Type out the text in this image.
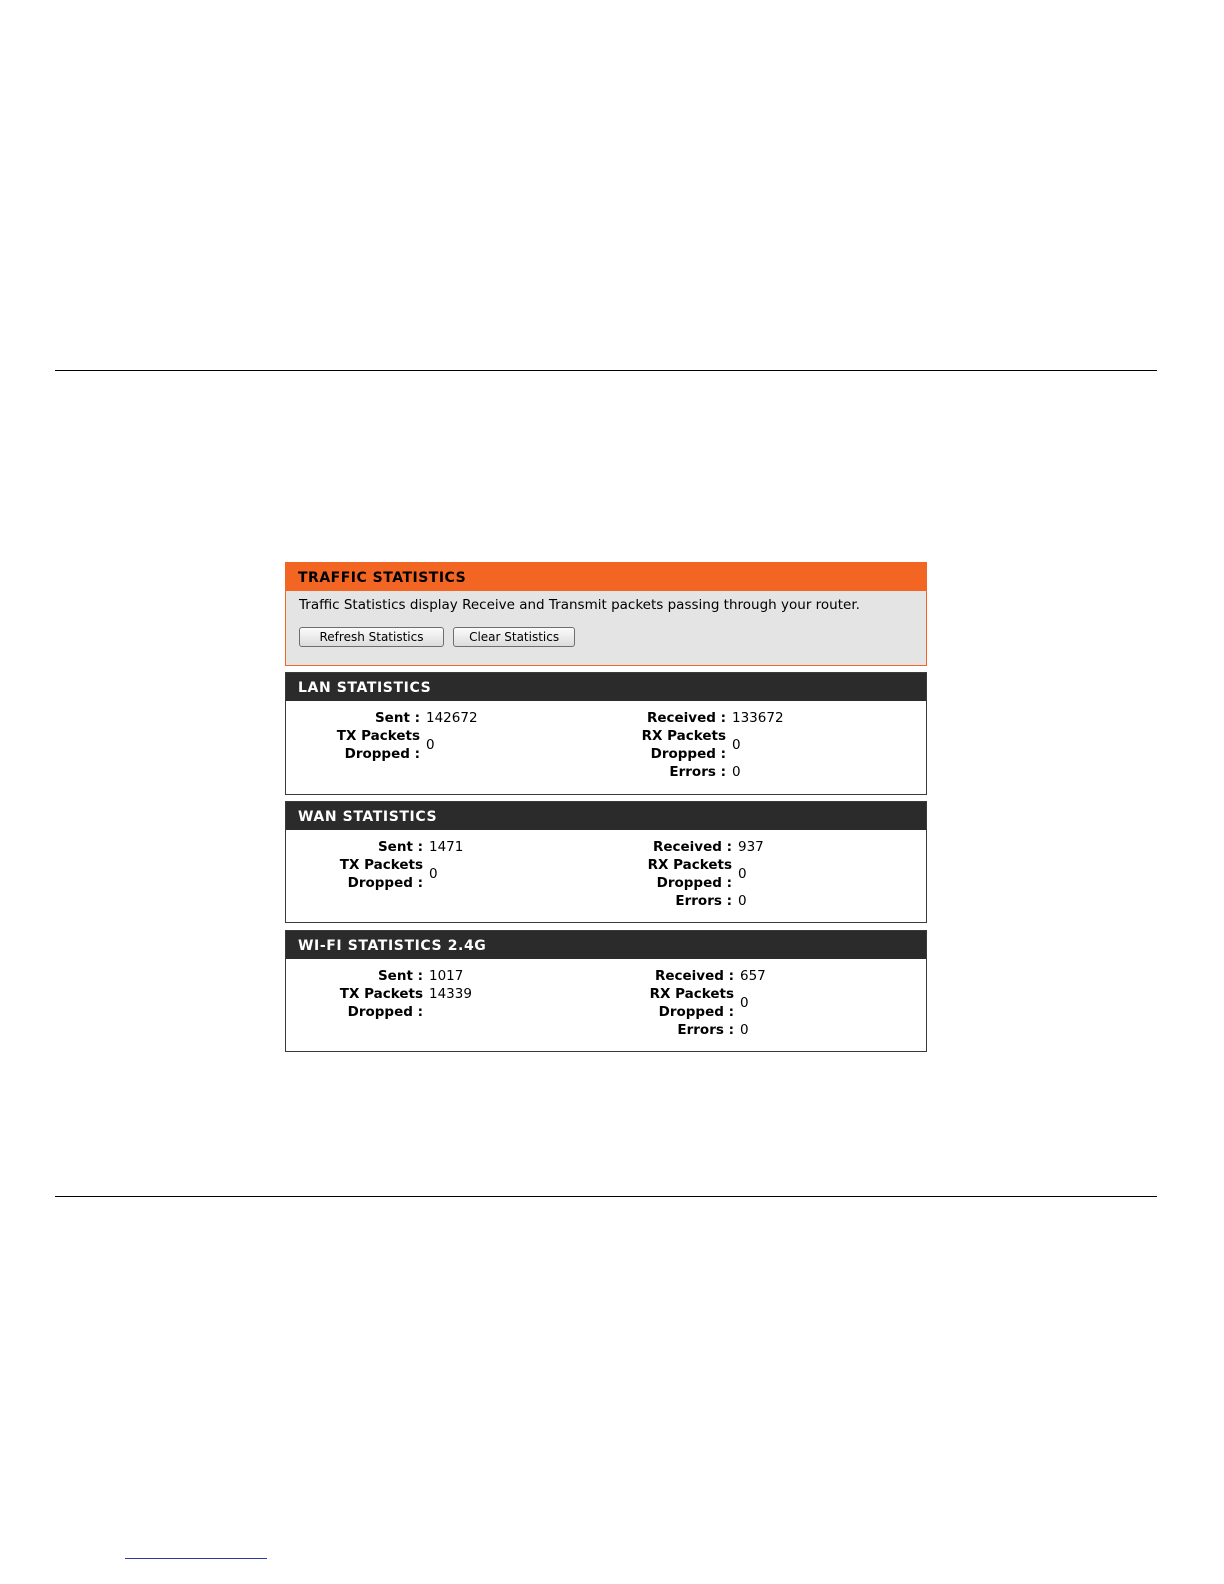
TRAFFIC STATISTICS
Traffic Statistics display Receive and Transmit packets passing through your router.
Refresh Statistics	Clear Statistics
LAN STATISTICS
Sent : 142672
TX Packets
Dropped :
0
Received : 133672
RX Packets
Dropped :
0
Errors : 0
WAN STATISTICS
Sent : 1471
TX Packets
Dropped :
0
Received : 937
RX Packets
Dropped :
0
Errors : 0
WI-FI STATISTICS 2.4G
Sent : 1017
TX Packets
Dropped :
14339
Received : 657
RX Packets
Dropped :
0
Errors : 0
